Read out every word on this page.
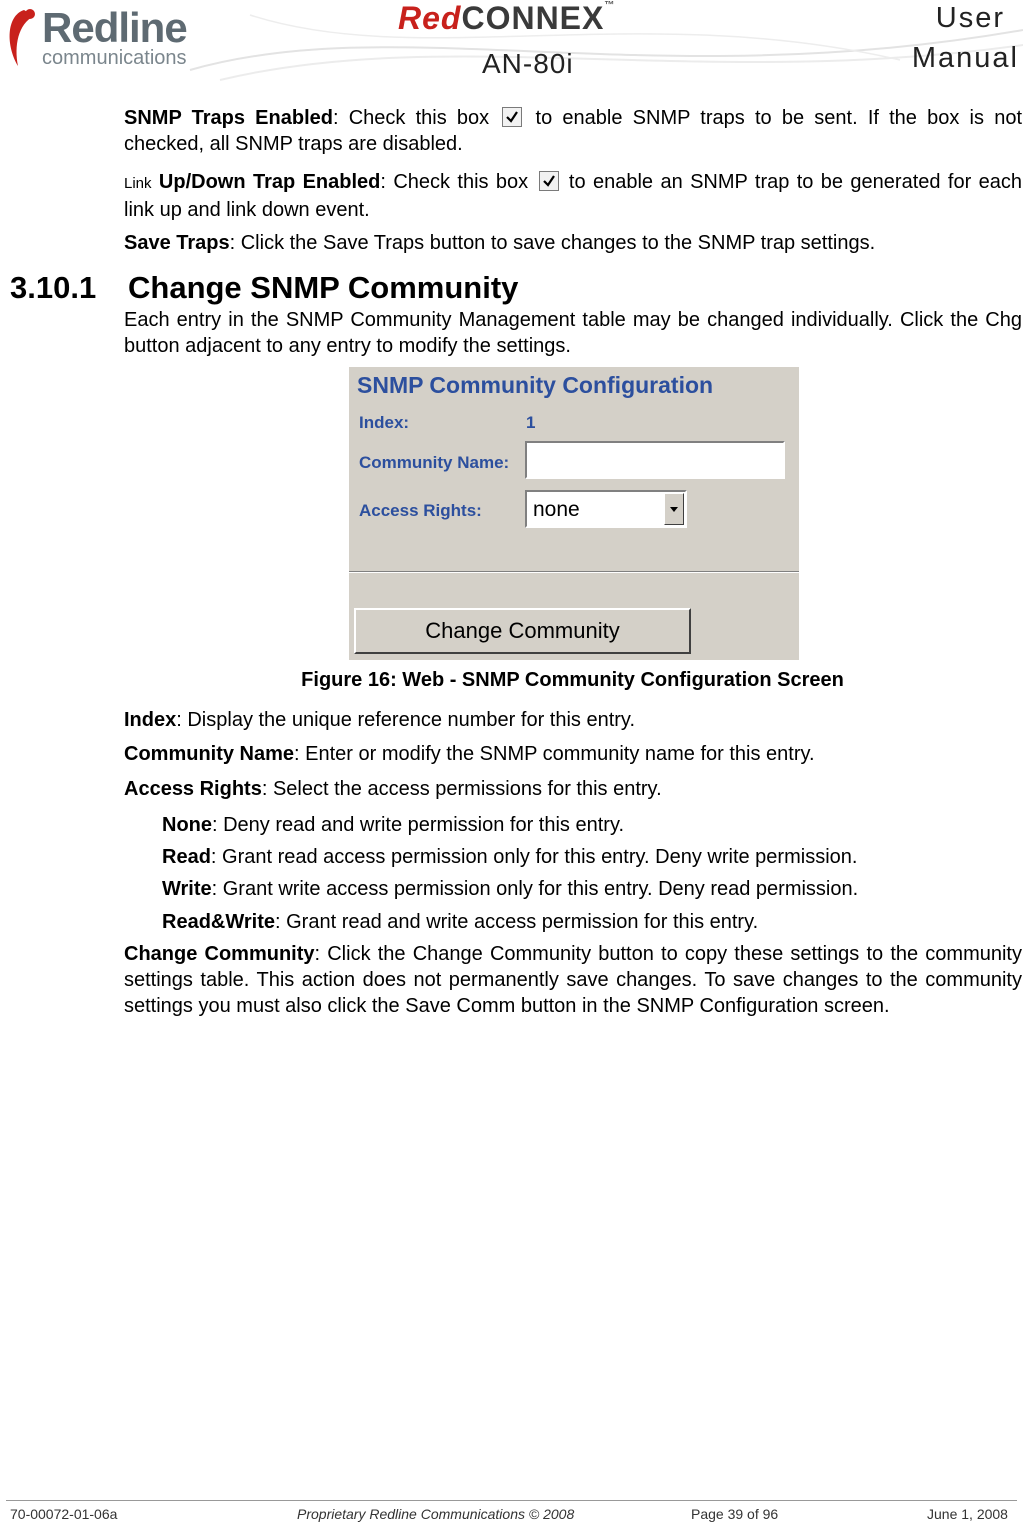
Redline
communications
RedCONNEX™
AN-80i
User
Manual
SNMP Traps Enabled: Check this box
to enable SNMP traps to be sent. If the box is not checked, all SNMP traps are disabled.
Link Up/Down Trap Enabled: Check this box
to enable an SNMP trap to be generated for each link up and link down event.
Save Traps: Click the Save Traps button to save changes to the SNMP trap settings.
3.10.1 Change SNMP Community
Each entry in the SNMP Community Management table may be changed individually. Click the Chg button adjacent to any entry to modify the settings.
SNMP Community Configuration
Index:	1
Community Name:
Access Rights: none
Change Community
Figure 16: Web - SNMP Community Configuration Screen
Index: Display the unique reference number for this entry.
Community Name: Enter or modify the SNMP community name for this entry.
Access Rights: Select the access permissions for this entry.
None: Deny read and write permission for this entry.
Read: Grant read access permission only for this entry. Deny write permission.
Write: Grant write access permission only for this entry. Deny read permission.
Read&Write: Grant read and write access permission for this entry.
Change Community: Click the Change Community button to copy these settings to the community settings table. This action does not permanently save changes. To save changes to the community settings you must also click the Save Comm button in the SNMP Configuration screen.
70-00072-01-06a	Proprietary Redline Communications © 2008	Page 39 of 96	June 1, 2008
